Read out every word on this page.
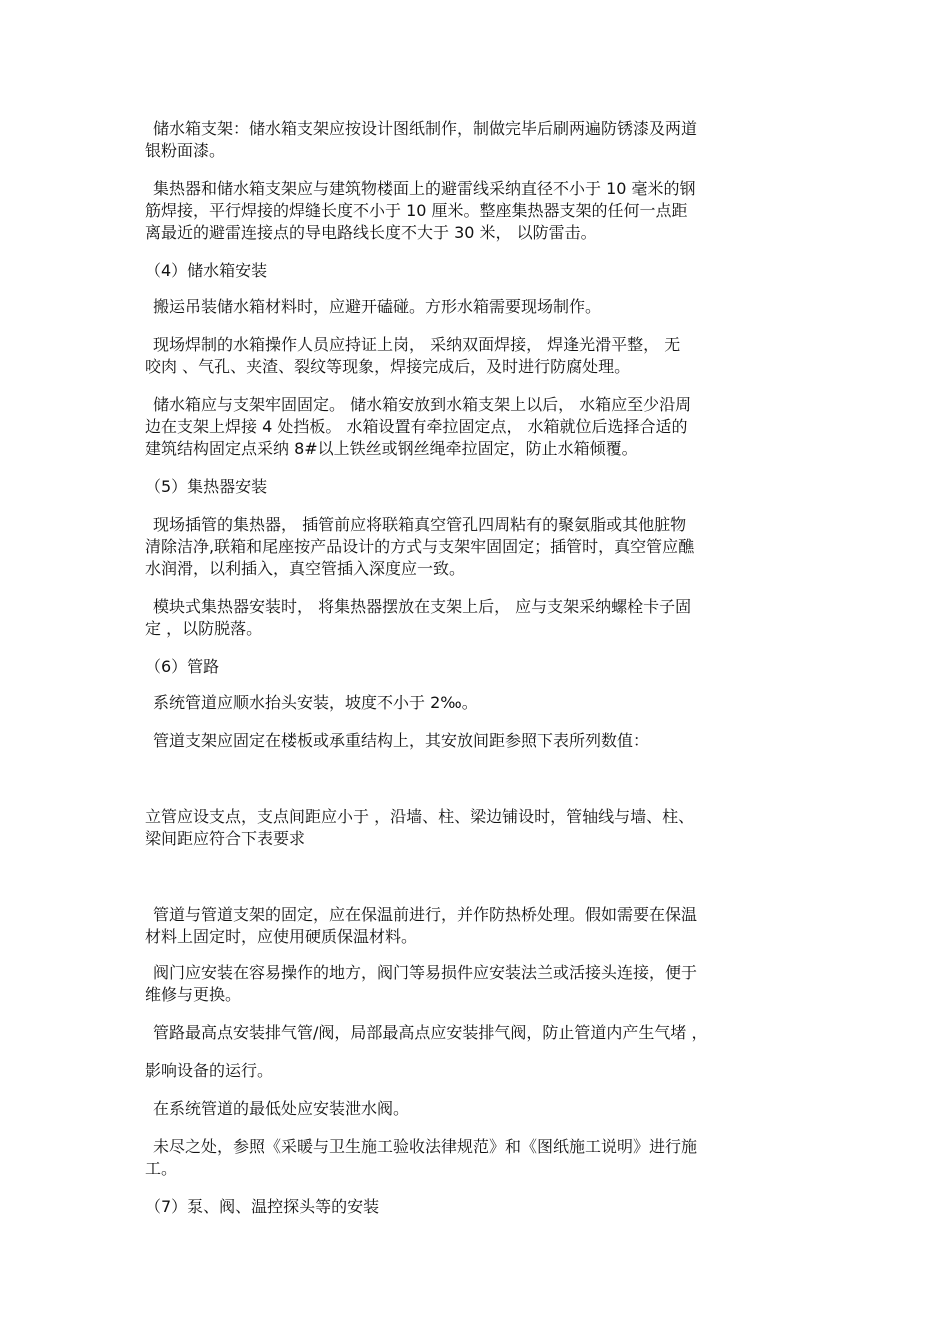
储水箱支架：储水箱支架应按设计图纸制作，制做完毕后刷两遍防锈漆及两道
银粉面漆。
集热器和储水箱支架应与建筑物楼面上的避雷线采纳直径不小于 10 毫米的钢
筋焊接，平行焊接的焊缝长度不小于 10 厘米。整座集热器支架的任何一点距
离最近的避雷连接点的导电路线长度不大于 30 米， 以防雷击。
（4）储水箱安装
搬运吊装储水箱材料时，应避开磕碰。方形水箱需要现场制作。
现场焊制的水箱操作人员应持证上岗， 采纳双面焊接， 焊逢光滑平整， 无
咬肉 、气孔、夹渣、裂纹等现象，焊接完成后，及时进行防腐处理。
储水箱应与支架牢固固定。 储水箱安放到水箱支架上以后， 水箱应至少沿周
边在支架上焊接 4 处挡板。 水箱设置有牵拉固定点， 水箱就位后选择合适的
建筑结构固定点采纳 8#以上铁丝或钢丝绳牵拉固定，防止水箱倾覆。
（5）集热器安装
现场插管的集热器， 插管前应将联箱真空管孔四周粘有的聚氨脂或其他脏物
清除洁净,联箱和尾座按产品设计的方式与支架牢固固定；插管时，真空管应醮
水润滑，以利插入，真空管插入深度应一致。
模块式集热器安装时， 将集热器摆放在支架上后， 应与支架采纳螺栓卡子固
定 ，以防脱落。
（6）管路
系统管道应顺水抬头安装，坡度不小于 2‰。
管道支架应固定在楼板或承重结构上，其安放间距参照下表所列数值：
立管应设支点，支点间距应小于 ，沿墙、柱、梁边铺设时，管轴线与墙、柱、
梁间距应符合下表要求
管道与管道支架的固定，应在保温前进行，并作防热桥处理。假如需要在保温
材料上固定时，应使用硬质保温材料。
阀门应安装在容易操作的地方，阀门等易损件应安装法兰或活接头连接，便于
维修与更换。
管路最高点安装排气管/阀，局部最高点应安装排气阀，防止管道内产生气堵 ，
影响设备的运行。
在系统管道的最低处应安装泄水阀。
未尽之处，参照《采暖与卫生施工验收法律规范》和《图纸施工说明》进行施
工。
（7）泵、阀、温控探头等的安装
